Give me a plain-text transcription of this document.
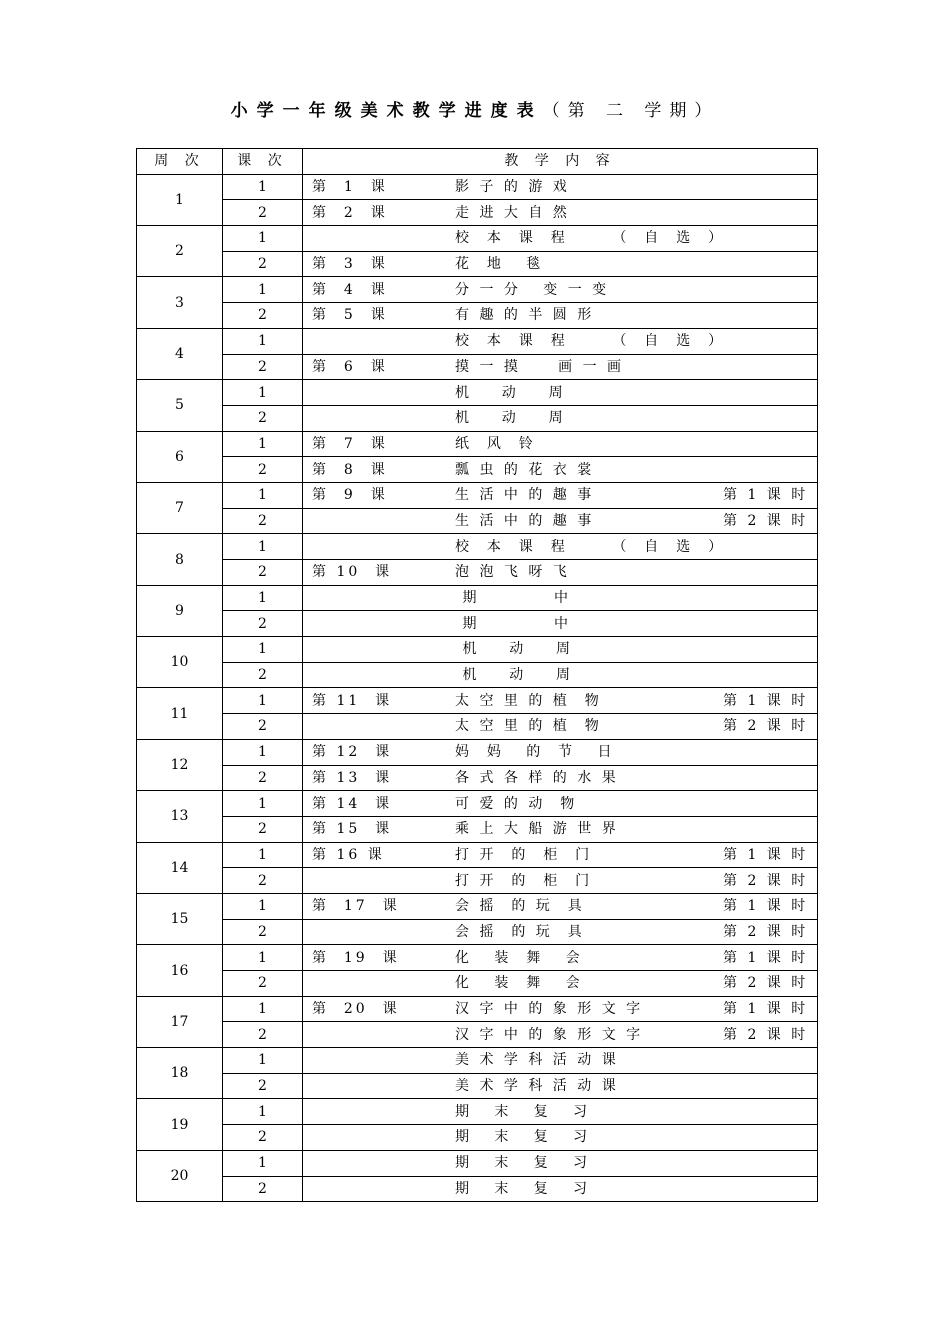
小学一年级美术教学进度表（第 二 学期）
周 次	课 次	教 学 内 容
1	1	第  1  课 影 子 的 游 戏

	2	第  2  课 走 进 大 自 然

2	1	校  本  课  程      （  自  选  ）

	2	第  3  课 花  地   毯

3	1	第  4  课 分 一 分   变 一 变

	2	第  5  课 有 趣 的 半 圆 形

4	1	校  本  课  程      （  自  选  ）

	2	第  6  课 摸 一 摸     画 一 画

5	1	机    动    周

	2	机    动    周

6	1	第  7  课 纸  风  铃

	2	第  8  课 瓢 虫 的 花 衣 裳

7	1	第  9  课 生 活 中 的 趣 事 第 1 课 时

	2	生 活 中 的 趣 事 第 2 课 时

8	1	校  本  课  程      （  自  选  ）

	2	第 10  课 泡 泡 飞 呀 飞

9	1	期          中

	2	期          中

10	1	机    动    周

	2	机    动    周

11	1	第 11  课 太 空 里 的 植  物 第 1 课 时

	2	太 空 里 的 植  物 第 2 课 时

12	1	第 12  课 妈  妈   的  节   日

	2	第 13  课 各 式 各 样 的 水 果

13	1	第 14  课 可 爱 的 动  物

	2	第 15  课 乘 上 大 船 游 世 界

14	1	第 16 课 打 开  的  柜  门 第 1 课 时

	2	打 开  的  柜  门 第 2 课 时

15	1	第  17  课 会 摇  的 玩  具 第 1 课 时

	2	会 摇  的 玩  具 第 2 课 时

16	1	第  19  课 化   装  舞   会 第 1 课 时

	2	化   装  舞   会 第 2 课 时

17	1	第  20  课 汉 字 中 的 象 形 文 字 第 1 课 时

	2	汉 字 中 的 象 形 文 字 第 2 课 时

18	1	美 术 学 科 活 动 课

	2	美 术 学 科 活 动 课

19	1	期   末   复   习

	2	期   末   复   习

20	1	期   末   复   习

	2	期   末   复   习
